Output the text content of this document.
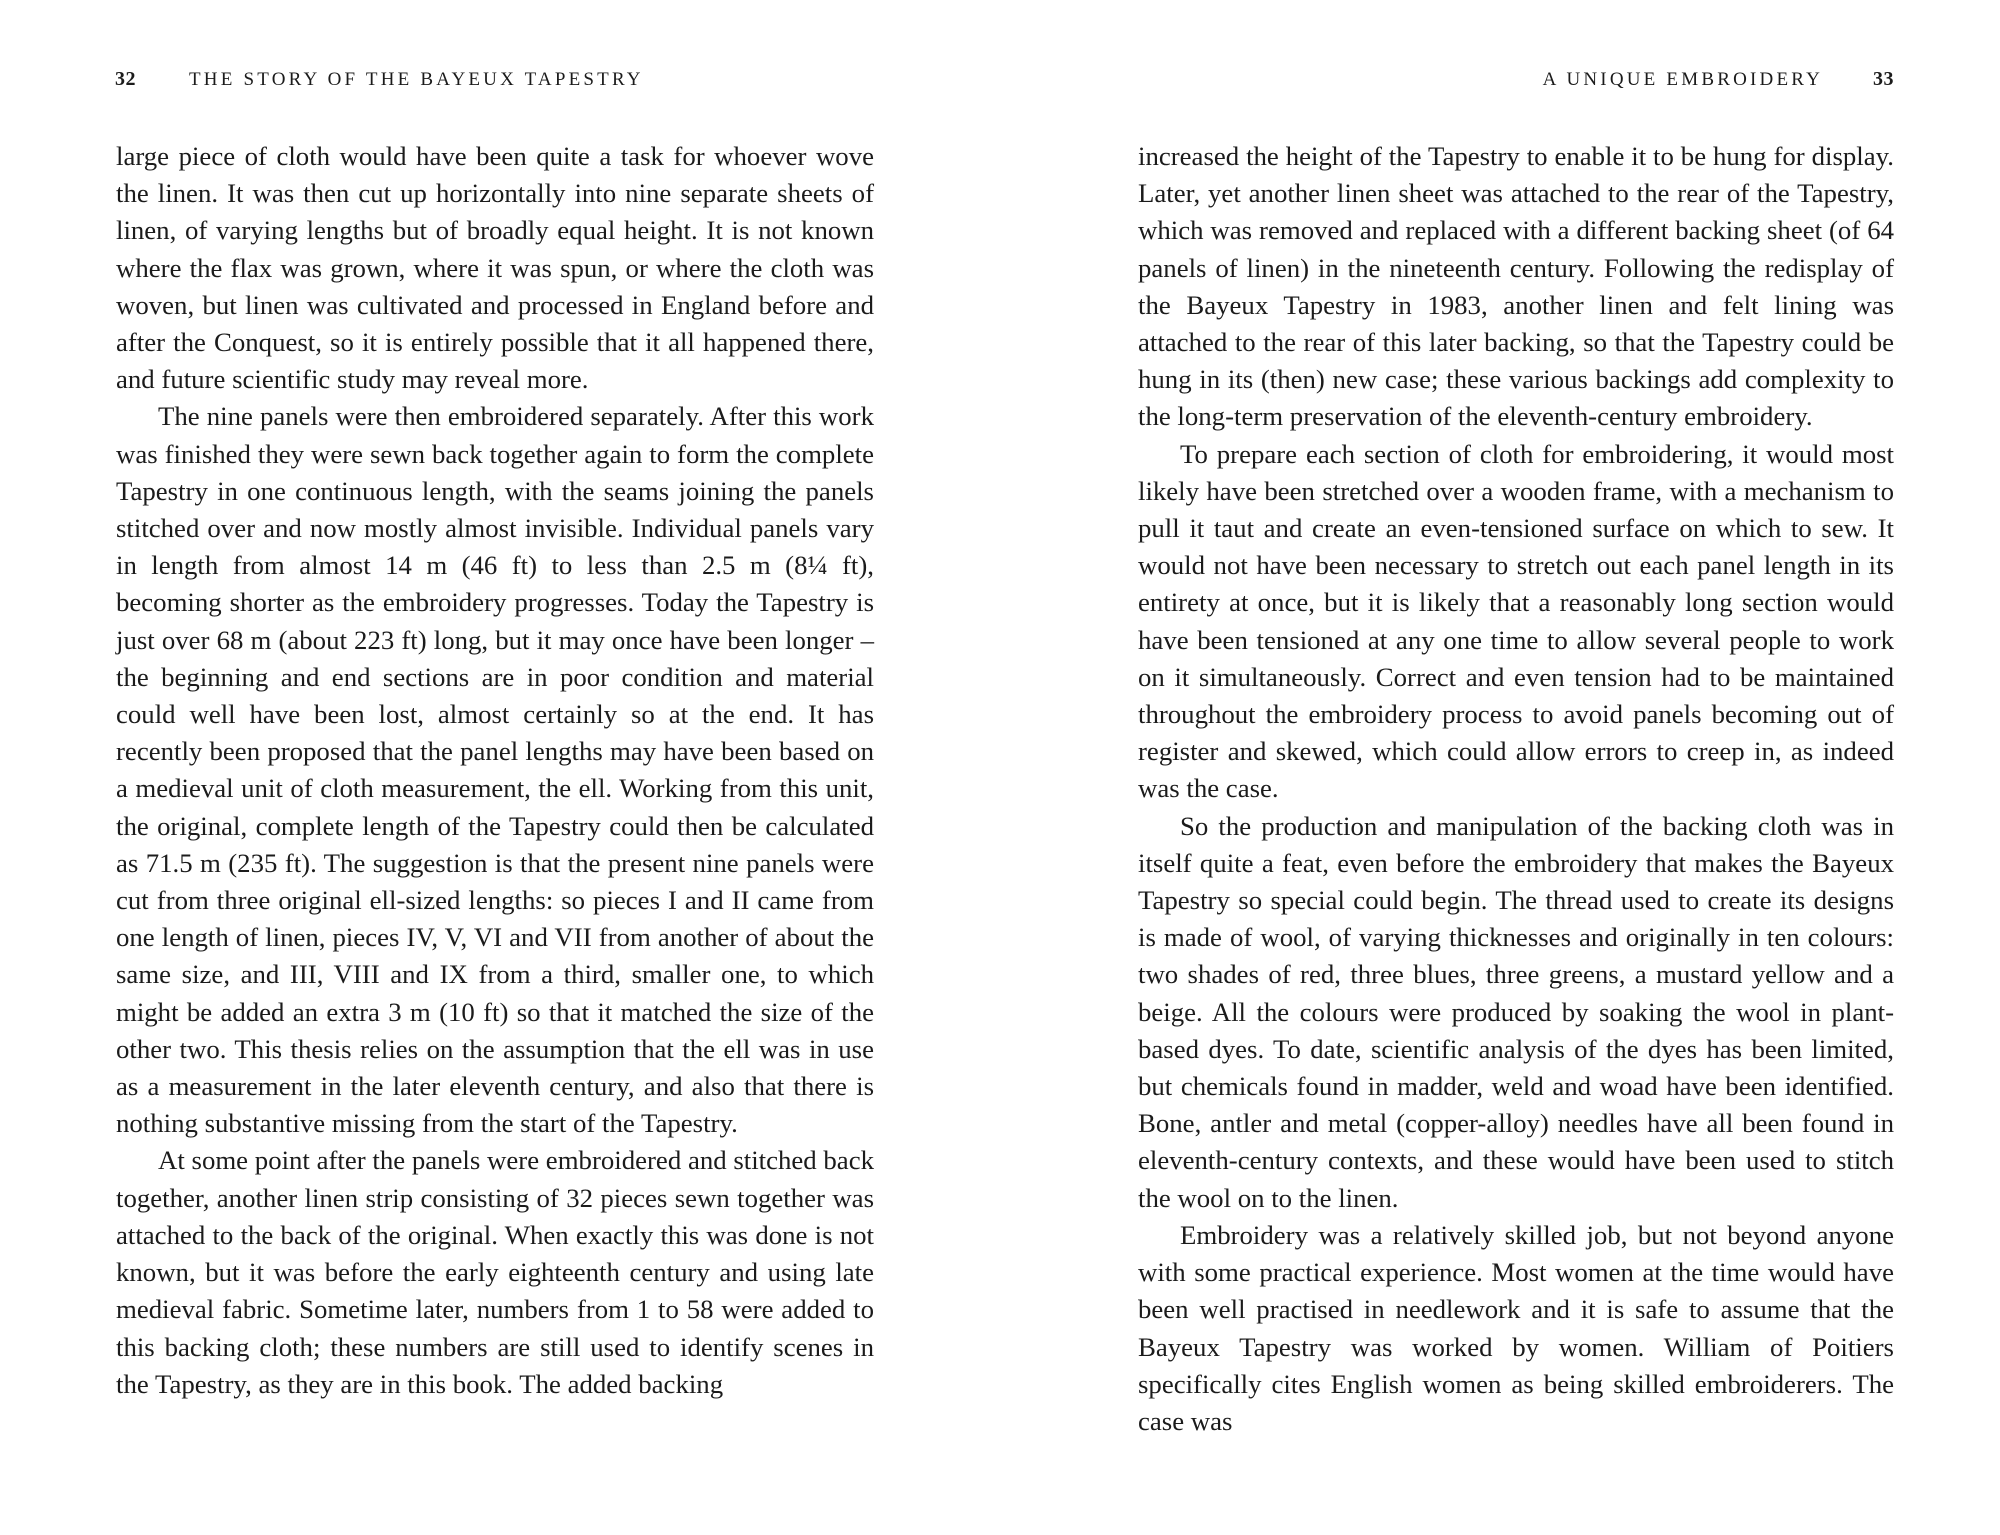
32	THE STORY OF THE BAYEUX TAPESTRY

large piece of cloth would have been quite a task for whoever wove the linen. It was then cut up horizontally into nine separate sheets of linen, of varying lengths but of broadly equal height. It is not known where the flax was grown, where it was spun, or where the cloth was woven, but linen was cultivated and processed in England before and after the Conquest, so it is entirely possible that it all happened there, and future scientific study may reveal more.

The nine panels were then embroidered separately. After this work was finished they were sewn back together again to form the complete Tapestry in one continuous length, with the seams joining the panels stitched over and now mostly almost invisible. Individual panels vary in length from almost 14 m (46 ft) to less than 2.5 m (8¼ ft), becoming shorter as the embroidery progresses. Today the Tapestry is just over 68 m (about 223 ft) long, but it may once have been longer – the beginning and end sections are in poor condition and material could well have been lost, almost certainly so at the end. It has recently been proposed that the panel lengths may have been based on a medieval unit of cloth measurement, the ell. Working from this unit, the original, complete length of the Tapestry could then be calculated as 71.5 m (235 ft). The suggestion is that the present nine panels were cut from three original ell-sized lengths: so pieces I and II came from one length of linen, pieces IV, V, VI and VII from another of about the same size, and III, VIII and IX from a third, smaller one, to which might be added an extra 3 m (10 ft) so that it matched the size of the other two. This thesis relies on the assumption that the ell was in use as a measurement in the later eleventh century, and also that there is nothing substantive missing from the start of the Tapestry.

At some point after the panels were embroidered and stitched back together, another linen strip consisting of 32 pieces sewn together was attached to the back of the original. When exactly this was done is not known, but it was before the early eighteenth century and using late medieval fabric. Sometime later, numbers from 1 to 58 were added to this backing cloth; these numbers are still used to identify scenes in the Tapestry, as they are in this book. The added backing

A UNIQUE EMBROIDERY	33

increased the height of the Tapestry to enable it to be hung for display. Later, yet another linen sheet was attached to the rear of the Tapestry, which was removed and replaced with a different backing sheet (of 64 panels of linen) in the nineteenth century. Following the redisplay of the Bayeux Tapestry in 1983, another linen and felt lining was attached to the rear of this later backing, so that the Tapestry could be hung in its (then) new case; these various backings add complexity to the long-term preservation of the eleventh-century embroidery.

To prepare each section of cloth for embroidering, it would most likely have been stretched over a wooden frame, with a mechanism to pull it taut and create an even-tensioned surface on which to sew. It would not have been necessary to stretch out each panel length in its entirety at once, but it is likely that a reasonably long section would have been tensioned at any one time to allow several people to work on it simultaneously. Correct and even tension had to be maintained throughout the embroidery process to avoid panels becoming out of register and skewed, which could allow errors to creep in, as indeed was the case.

So the production and manipulation of the backing cloth was in itself quite a feat, even before the embroidery that makes the Bayeux Tapestry so special could begin. The thread used to create its designs is made of wool, of varying thicknesses and originally in ten colours: two shades of red, three blues, three greens, a mustard yellow and a beige. All the colours were produced by soaking the wool in plant-based dyes. To date, scientific analysis of the dyes has been limited, but chemicals found in madder, weld and woad have been identified. Bone, antler and metal (copper-alloy) needles have all been found in eleventh-century contexts, and these would have been used to stitch the wool on to the linen.

Embroidery was a relatively skilled job, but not beyond anyone with some practical experience. Most women at the time would have been well practised in needlework and it is safe to assume that the Bayeux Tapestry was worked by women. William of Poitiers specifically cites English women as being skilled embroiderers. The case was
